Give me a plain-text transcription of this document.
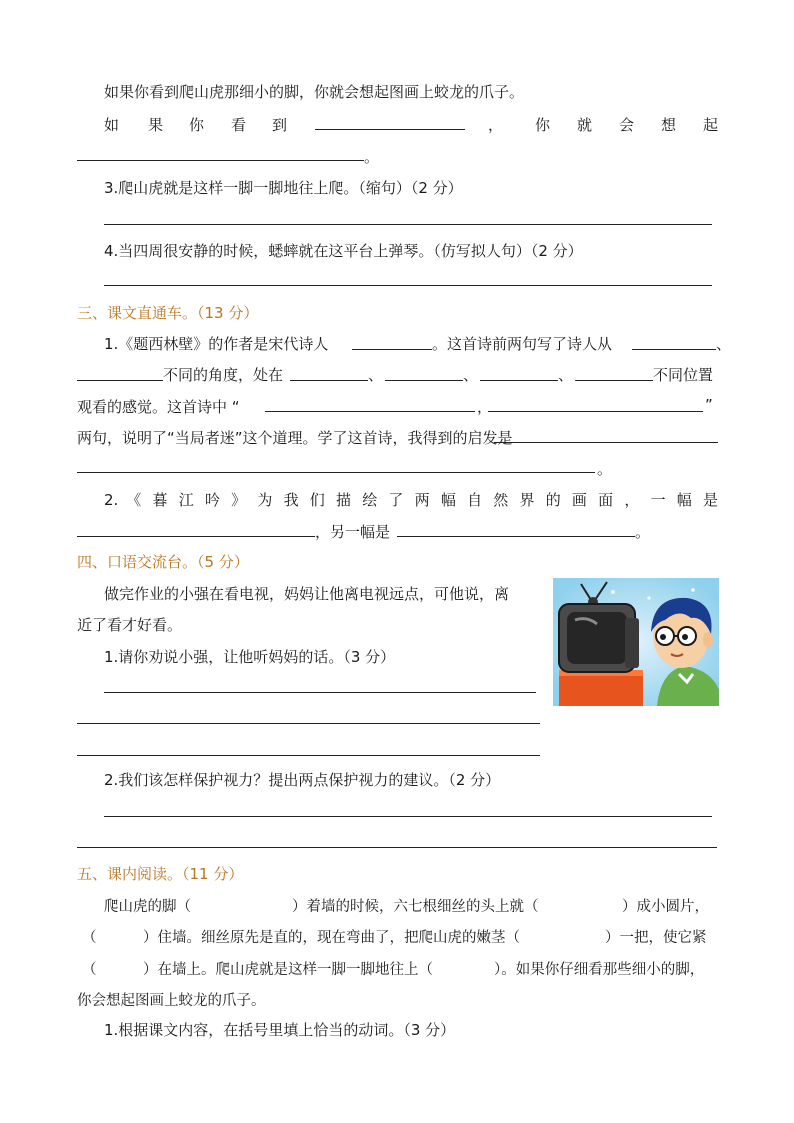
如果你看到爬山虎那细小的脚，你就会想起图画上蛟龙的爪子。
如 果 你 看 到	， 你 就 会 想 起
。
3.爬山虎就是这样一脚一脚地往上爬。（缩句）（2 分）
4.当四周很安静的时候，蟋蟀就在这平台上弹琴。（仿写拟人句）（2 分）
三、课文直通车。（13 分）
1.《题西林壁》的作者是宋代诗人	。这首诗前两句写了诗人从	、
不同的角度，处在	、	、	、	不同位置
观看的感觉。这首诗中 “	，	”
两句，说明了“当局者迷”这个道理。学了这首诗，我得到的启发是
。
2. 《 暮 江 吟 》 为 我 们 描 绘 了 两 幅 自 然 界 的 画 面 ， 一 幅 是
，另一幅是	。
四、口语交流台。（5 分）
做完作业的小强在看电视，妈妈让他离电视远点，可他说，离
近了看才好看。
1.请你劝说小强，让他听妈妈的话。（3 分）
2.我们该怎样保护视力？提出两点保护视力的建议。（2 分）
五、课内阅读。（11 分）
爬山虎的脚（	）着墙的时候，六七根细丝的头上就（	）成小圆片，
（	）住墙。细丝原先是直的，现在弯曲了，把爬山虎的嫩茎（	）一把，使它紧
（	）在墙上。爬山虎就是这样一脚一脚地往上（	）。如果你仔细看那些细小的脚，
你会想起图画上蛟龙的爪子。
1.根据课文内容，在括号里填上恰当的动词。（3 分）
